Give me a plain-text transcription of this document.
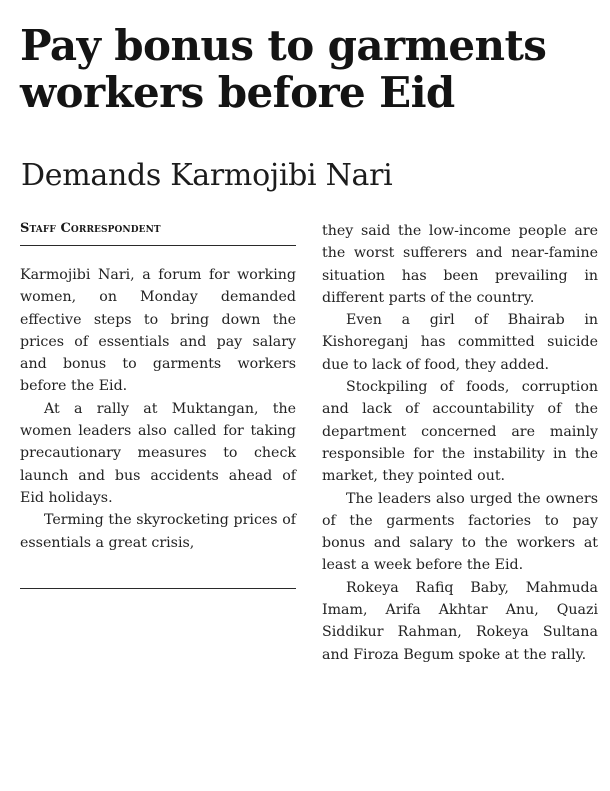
Pay bonus to garments workers before Eid
Demands Karmojibi Nari
Staff Correspondent

Karmojibi Nari, a forum for working women, on Monday demanded effective steps to bring down the prices of essentials and pay salary and bonus to garments workers before the Eid.

At a rally at Muktangan, the women leaders also called for taking precautionary measures to check launch and bus accidents ahead of Eid holidays.

Terming the skyrocketing prices of essentials a great crisis,

they said the low-income people are the worst sufferers and near-famine situation has been prevailing in different parts of the country.

Even a girl of Bhairab in Kishoreganj has committed suicide due to lack of food, they added.

Stockpiling of foods, corruption and lack of accountability of the department concerned are mainly responsible for the instability in the market, they pointed out.

The leaders also urged the owners of the garments factories to pay bonus and salary to the workers at least a week before the Eid.

Rokeya Rafiq Baby, Mahmuda Imam, Arifa Akhtar Anu, Quazi Siddikur Rahman, Rokeya Sultana and Firoza Begum spoke at the rally.
